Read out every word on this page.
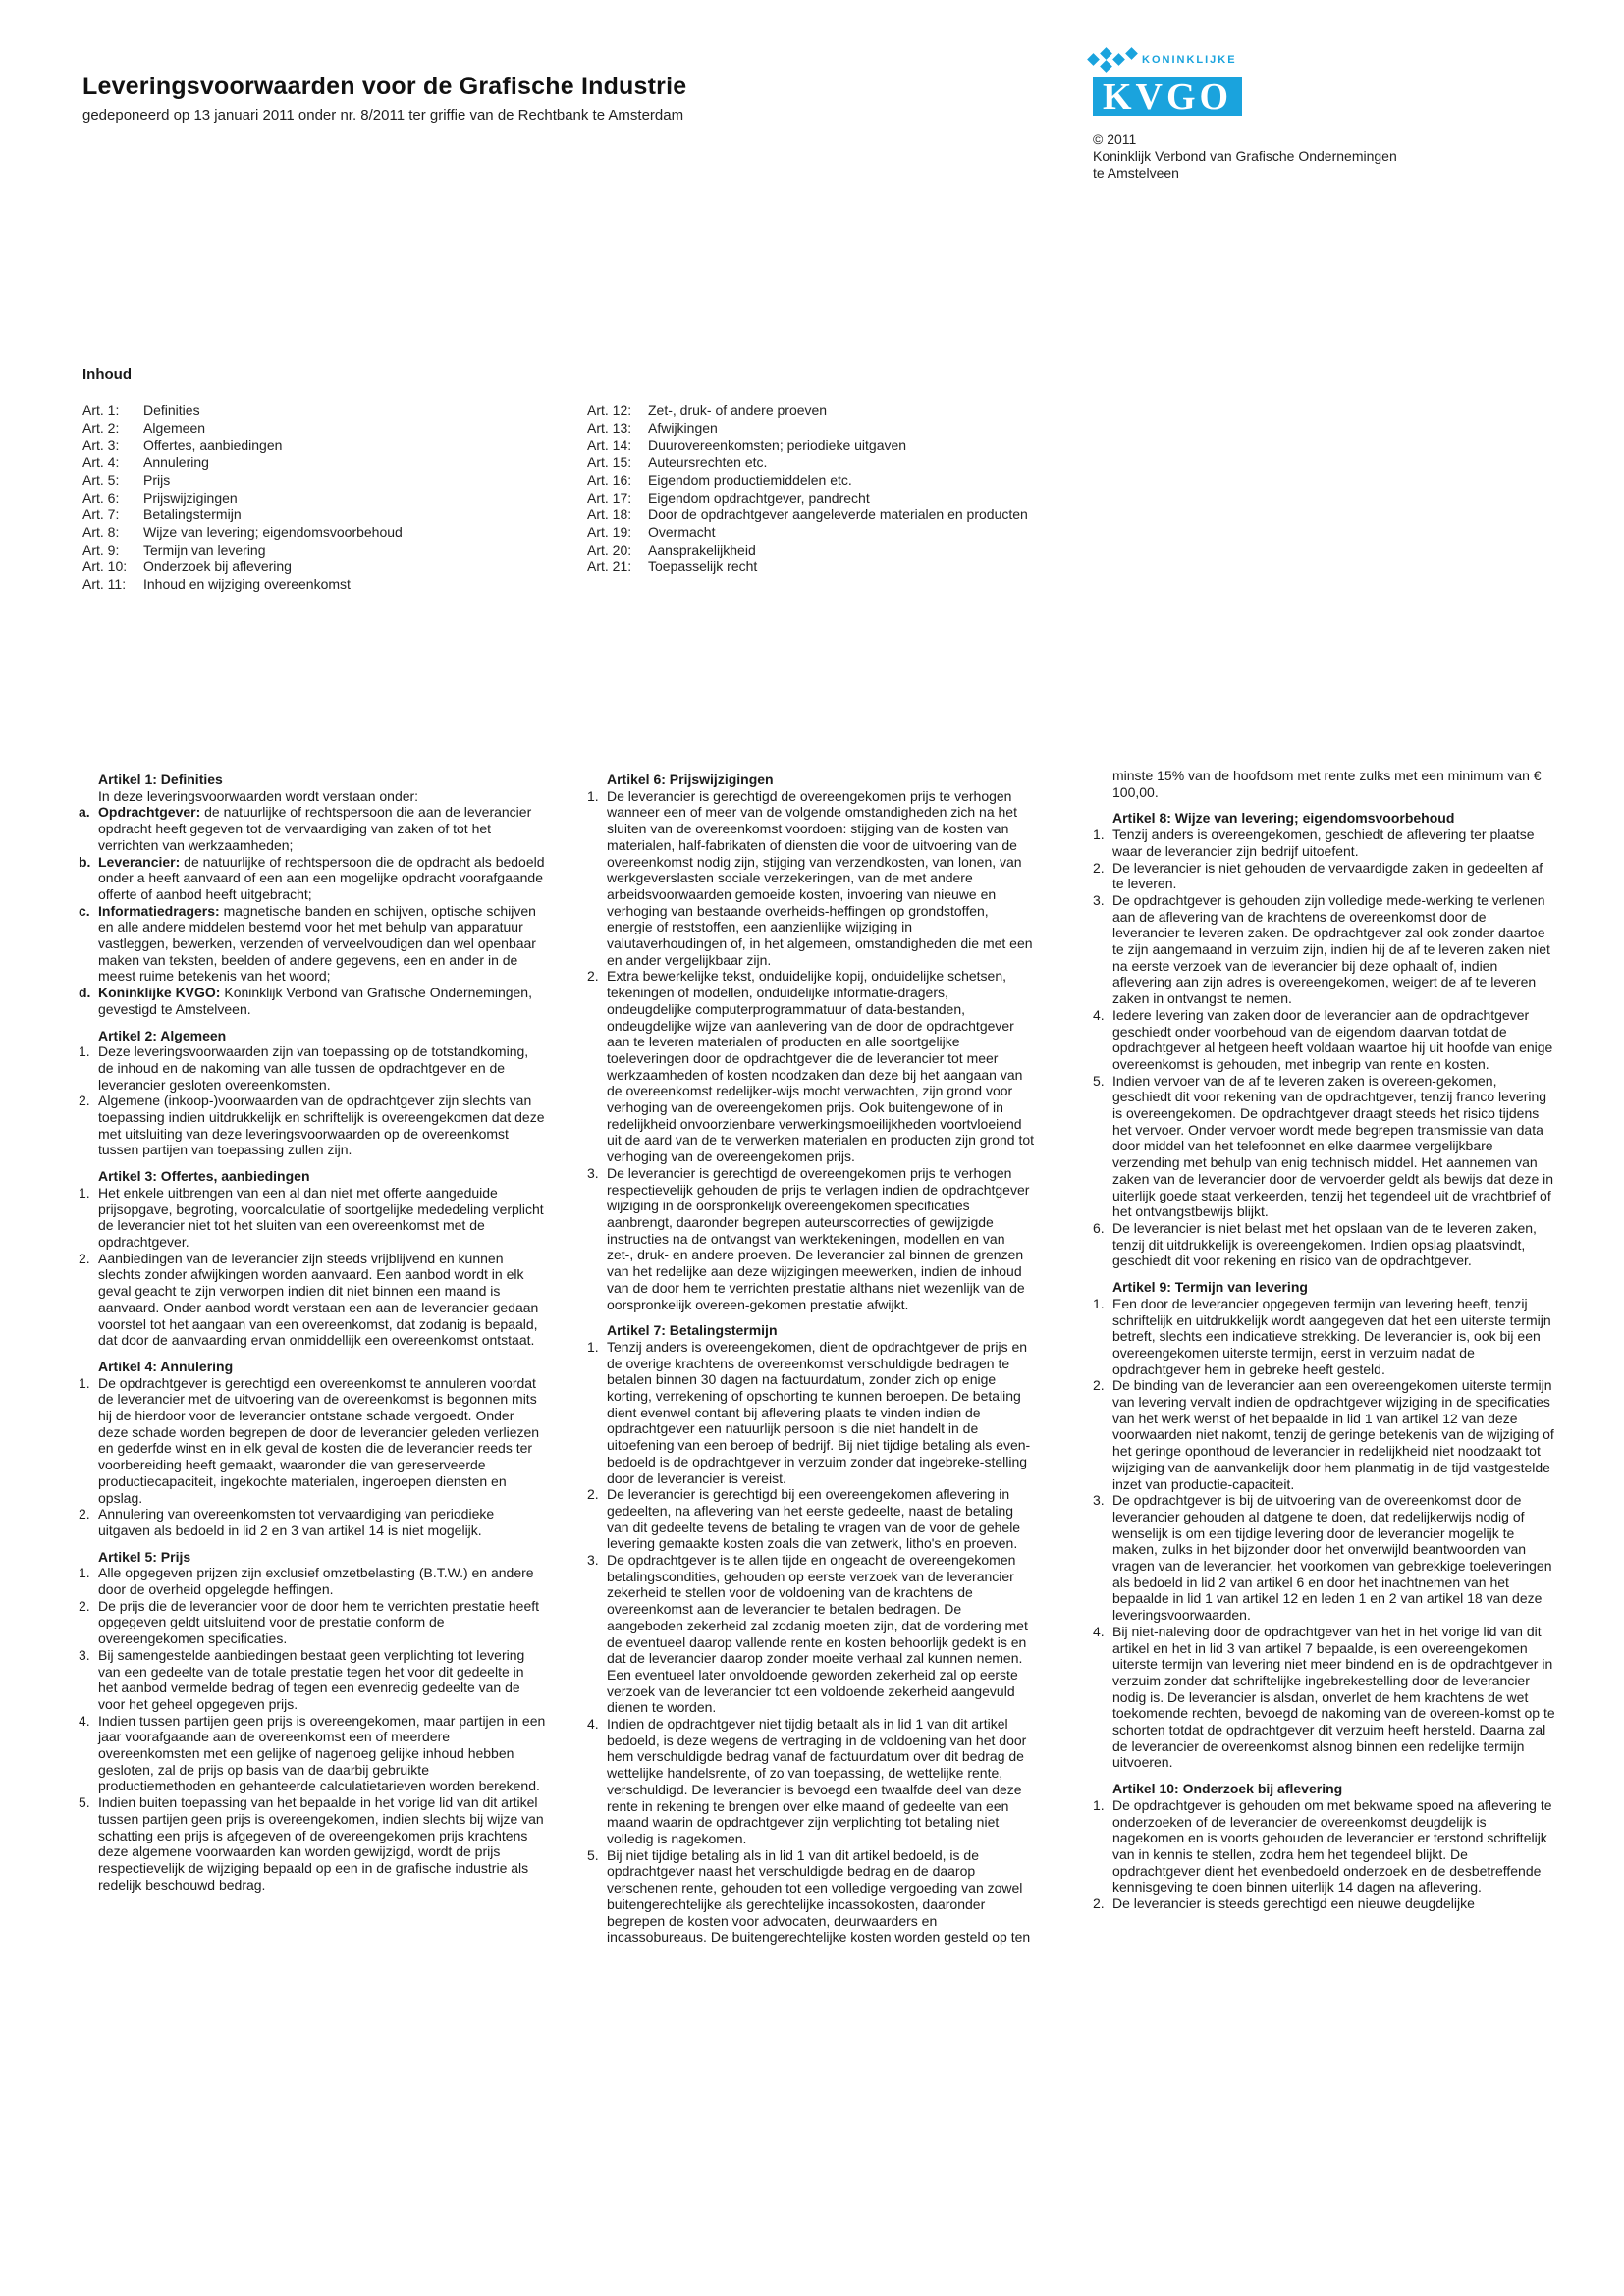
Leveringsvoorwaarden voor de Grafische Industrie
gedeponeerd op 13 januari 2011 onder nr. 8/2011 ter griffie van de Rechtbank te Amsterdam
KONINKLIJKE
KVGO
© 2011
Koninklijk Verbond van Grafische Ondernemingen
te Amstelveen
Inhoud
Art. 1: Definities
Art. 2: Algemeen
Art. 3: Offertes, aanbiedingen
Art. 4: Annulering
Art. 5: Prijs
Art. 6: Prijswijzigingen
Art. 7: Betalingstermijn
Art. 8: Wijze van levering; eigendomsvoorbehoud
Art. 9: Termijn van levering
Art. 10: Onderzoek bij aflevering
Art. 11: Inhoud en wijziging overeenkomst
Art. 12: Zet-, druk- of andere proeven
Art. 13: Afwijkingen
Art. 14: Duurovereenkomsten; periodieke uitgaven
Art. 15: Auteursrechten etc.
Art. 16: Eigendom productiemiddelen etc.
Art. 17: Eigendom opdrachtgever, pandrecht
Art. 18: Door de opdrachtgever aangeleverde materialen en producten
Art. 19: Overmacht
Art. 20: Aansprakelijkheid
Art. 21: Toepasselijk recht
Artikel 1: Definities
In deze leveringsvoorwaarden wordt verstaan onder:
a. Opdrachtgever: de natuurlijke of rechtspersoon die aan de leverancier opdracht heeft gegeven tot de vervaardiging van zaken of tot het verrichten van werkzaamheden;
b. Leverancier: de natuurlijke of rechtspersoon die de opdracht als bedoeld onder a heeft aanvaard of een aan een mogelijke opdracht voorafgaande offerte of aanbod heeft uitgebracht;
c. Informatiedragers: magnetische banden en schijven, optische schijven en alle andere middelen bestemd voor het met behulp van apparatuur vastleggen, bewerken, verzenden of verveelvoudigen dan wel openbaar maken van teksten, beelden of andere gegevens, een en ander in de meest ruime betekenis van het woord;
d. Koninklijke KVGO: Koninklijk Verbond van Grafische Ondernemingen, gevestigd te Amstelveen.
Artikel 2: Algemeen
1. Deze leveringsvoorwaarden zijn van toepassing op de totstandkoming, de inhoud en de nakoming van alle tussen de opdrachtgever en de leverancier gesloten overeenkomsten.
2. Algemene (inkoop-)voorwaarden van de opdrachtgever zijn slechts van toepassing indien uitdrukkelijk en schriftelijk is overeengekomen dat deze met uitsluiting van deze leveringsvoorwaarden op de overeenkomst tussen partijen van toepassing zullen zijn.
Artikel 3: Offertes, aanbiedingen
1. Het enkele uitbrengen van een al dan niet met offerte aangeduide prijsopgave, begroting, voorcalculatie of soortgelijke mededeling verplicht de leverancier niet tot het sluiten van een overeenkomst met de opdrachtgever.
2. Aanbiedingen van de leverancier zijn steeds vrijblijvend en kunnen slechts zonder afwijkingen worden aanvaard. Een aanbod wordt in elk geval geacht te zijn verworpen indien dit niet binnen een maand is aanvaard. Onder aanbod wordt verstaan een aan de leverancier gedaan voorstel tot het aangaan van een overeenkomst, dat zodanig is bepaald, dat door de aanvaarding ervan onmiddellijk een overeenkomst ontstaat.
Artikel 4: Annulering
1. De opdrachtgever is gerechtigd een overeenkomst te annuleren voordat de leverancier met de uitvoering van de overeenkomst is begonnen mits hij de hierdoor voor de leverancier ontstane schade vergoedt. Onder deze schade worden begrepen de door de leverancier geleden verliezen en gederfde winst en in elk geval de kosten die de leverancier reeds ter voorbereiding heeft gemaakt, waaronder die van gereserveerde productiecapaciteit, ingekochte materialen, ingeroepen diensten en opslag.
2. Annulering van overeenkomsten tot vervaardiging van periodieke uitgaven als bedoeld in lid 2 en 3 van artikel 14 is niet mogelijk.
Artikel 5: Prijs
1. Alle opgegeven prijzen zijn exclusief omzetbelasting (B.T.W.) en andere door de overheid opgelegde heffingen.
2. De prijs die de leverancier voor de door hem te verrichten prestatie heeft opgegeven geldt uitsluitend voor de prestatie conform de overeengekomen specificaties.
3. Bij samengestelde aanbiedingen bestaat geen verplichting tot levering van een gedeelte van de totale prestatie tegen het voor dit gedeelte in het aanbod vermelde bedrag of tegen een evenredig gedeelte van de voor het geheel opgegeven prijs.
4. Indien tussen partijen geen prijs is overeengekomen, maar partijen in een jaar voorafgaande aan de overeenkomst een of meerdere overeenkomsten met een gelijke of nagenoeg gelijke inhoud hebben gesloten, zal de prijs op basis van de daarbij gebruikte productiemethoden en gehanteerde calculatietarieven worden berekend.
5. Indien buiten toepassing van het bepaalde in het vorige lid van dit artikel tussen partijen geen prijs is overeengekomen, indien slechts bij wijze van schatting een prijs is afgegeven of de overeengekomen prijs krachtens deze algemene voorwaarden kan worden gewijzigd, wordt de prijs respectievelijk de wijziging bepaald op een in de grafische industrie als redelijk beschouwd bedrag.
Artikel 6: Prijswijzigingen
1. De leverancier is gerechtigd de overeengekomen prijs te verhogen wanneer een of meer van de volgende omstandigheden zich na het sluiten van de overeenkomst voordoen: stijging van de kosten van materialen, half-fabrikaten of diensten die voor de uitvoering van de overeenkomst nodig zijn, stijging van verzendkosten, van lonen, van werkgeverslasten sociale verzekeringen, van de met andere arbeidsvoorwaarden gemoeide kosten, invoering van nieuwe en verhoging van bestaande overheids-heffingen op grondstoffen, energie of reststoffen, een aanzienlijke wijziging in valutaverhoudingen of, in het algemeen, omstandigheden die met een en ander vergelijkbaar zijn.
2. Extra bewerkelijke tekst, onduidelijke kopij, onduidelijke schetsen, tekeningen of modellen, onduidelijke informatie-dragers, ondeugdelijke computerprogrammatuur of data-bestanden, ondeugdelijke wijze van aanlevering van de door de opdrachtgever aan te leveren materialen of producten en alle soortgelijke toeleveringen door de opdrachtgever die de leverancier tot meer werkzaamheden of kosten noodzaken dan deze bij het aangaan van de overeenkomst redelijker-wijs mocht verwachten, zijn grond voor verhoging van de overeengekomen prijs. Ook buitengewone of in redelijkheid onvoorzienbare verwerkingsmoeilijkheden voortvloeiend uit de aard van de te verwerken materialen en producten zijn grond tot verhoging van de overeengekomen prijs.
3. De leverancier is gerechtigd de overeengekomen prijs te verhogen respectievelijk gehouden de prijs te verlagen indien de opdrachtgever wijziging in de oorspronkelijk overeengekomen specificaties aanbrengt, daaronder begrepen auteurscorrecties of gewijzigde instructies na de ontvangst van werktekeningen, modellen en van zet-, druk- en andere proeven. De leverancier zal binnen de grenzen van het redelijke aan deze wijzigingen meewerken, indien de inhoud van de door hem te verrichten prestatie althans niet wezenlijk van de oorspronkelijk overeen-gekomen prestatie afwijkt.
Artikel 7: Betalingstermijn
1. Tenzij anders is overeengekomen, dient de opdrachtgever de prijs en de overige krachtens de overeenkomst verschuldigde bedragen te betalen binnen 30 dagen na factuurdatum, zonder zich op enige korting, verrekening of opschorting te kunnen beroepen. De betaling dient evenwel contant bij aflevering plaats te vinden indien de opdrachtgever een natuurlijk persoon is die niet handelt in de uitoefening van een beroep of bedrijf. Bij niet tijdige betaling als even-bedoeld is de opdrachtgever in verzuim zonder dat ingebreke-stelling door de leverancier is vereist.
2. De leverancier is gerechtigd bij een overeengekomen aflevering in gedeelten, na aflevering van het eerste gedeelte, naast de betaling van dit gedeelte tevens de betaling te vragen van de voor de gehele levering gemaakte kosten zoals die van zetwerk, litho's en proeven.
3. De opdrachtgever is te allen tijde en ongeacht de overeengekomen betalingscondities, gehouden op eerste verzoek van de leverancier zekerheid te stellen voor de voldoening van de krachtens de overeenkomst aan de leverancier te betalen bedragen. De aangeboden zekerheid zal zodanig moeten zijn, dat de vordering met de eventueel daarop vallende rente en kosten behoorlijk gedekt is en dat de leverancier daarop zonder moeite verhaal zal kunnen nemen. Een eventueel later onvoldoende geworden zekerheid zal op eerste verzoek van de leverancier tot een voldoende zekerheid aangevuld dienen te worden.
4. Indien de opdrachtgever niet tijdig betaalt als in lid 1 van dit artikel bedoeld, is deze wegens de vertraging in de voldoening van het door hem verschuldigde bedrag vanaf de factuurdatum over dit bedrag de wettelijke handelsrente, of zo van toepassing, de wettelijke rente, verschuldigd. De leverancier is bevoegd een twaalfde deel van deze rente in rekening te brengen over elke maand of gedeelte van een maand waarin de opdrachtgever zijn verplichting tot betaling niet volledig is nagekomen.
5. Bij niet tijdige betaling als in lid 1 van dit artikel bedoeld, is de opdrachtgever naast het verschuldigde bedrag en de daarop verschenen rente, gehouden tot een volledige vergoeding van zowel buitengerechtelijke als gerechtelijke incassokosten, daaronder begrepen de kosten voor advocaten, deurwaarders en incassobureaus. De buitengerechtelijke kosten worden gesteld op ten
minste 15% van de hoofdsom met rente zulks met een minimum van € 100,00.
Artikel 8: Wijze van levering; eigendomsvoorbehoud
1. Tenzij anders is overeengekomen, geschiedt de aflevering ter plaatse waar de leverancier zijn bedrijf uitoefent.
2. De leverancier is niet gehouden de vervaardigde zaken in gedeelten af te leveren.
3. De opdrachtgever is gehouden zijn volledige mede-werking te verlenen aan de aflevering van de krachtens de overeenkomst door de leverancier te leveren zaken. De opdrachtgever zal ook zonder daartoe te zijn aangemaand in verzuim zijn, indien hij de af te leveren zaken niet na eerste verzoek van de leverancier bij deze ophaalt of, indien aflevering aan zijn adres is overeengekomen, weigert de af te leveren zaken in ontvangst te nemen.
4. Iedere levering van zaken door de leverancier aan de opdrachtgever geschiedt onder voorbehoud van de eigendom daarvan totdat de opdrachtgever al hetgeen heeft voldaan waartoe hij uit hoofde van enige overeenkomst is gehouden, met inbegrip van rente en kosten.
5. Indien vervoer van de af te leveren zaken is overeen-gekomen, geschiedt dit voor rekening van de opdrachtgever, tenzij franco levering is overeengekomen. De opdrachtgever draagt steeds het risico tijdens het vervoer. Onder vervoer wordt mede begrepen transmissie van data door middel van het telefoonnet en elke daarmee vergelijkbare verzending met behulp van enig technisch middel. Het aannemen van zaken van de leverancier door de vervoerder geldt als bewijs dat deze in uiterlijk goede staat verkeerden, tenzij het tegendeel uit de vrachtbrief of het ontvangstbewijs blijkt.
6. De leverancier is niet belast met het opslaan van de te leveren zaken, tenzij dit uitdrukkelijk is overeengekomen. Indien opslag plaatsvindt, geschiedt dit voor rekening en risico van de opdrachtgever.
Artikel 9: Termijn van levering
1. Een door de leverancier opgegeven termijn van levering heeft, tenzij schriftelijk en uitdrukkelijk wordt aangegeven dat het een uiterste termijn betreft, slechts een indicatieve strekking. De leverancier is, ook bij een overeengekomen uiterste termijn, eerst in verzuim nadat de opdrachtgever hem in gebreke heeft gesteld.
2. De binding van de leverancier aan een overeengekomen uiterste termijn van levering vervalt indien de opdrachtgever wijziging in de specificaties van het werk wenst of het bepaalde in lid 1 van artikel 12 van deze voorwaarden niet nakomt, tenzij de geringe betekenis van de wijziging of het geringe oponthoud de leverancier in redelijkheid niet noodzaakt tot wijziging van de aanvankelijk door hem planmatig in de tijd vastgestelde inzet van productie-capaciteit.
3. De opdrachtgever is bij de uitvoering van de overeenkomst door de leverancier gehouden al datgene te doen, dat redelijkerwijs nodig of wenselijk is om een tijdige levering door de leverancier mogelijk te maken, zulks in het bijzonder door het onverwijld beantwoorden van vragen van de leverancier, het voorkomen van gebrekkige toeleveringen als bedoeld in lid 2 van artikel 6 en door het inachtnemen van het bepaalde in lid 1 van artikel 12 en leden 1 en 2 van artikel 18 van deze leveringsvoorwaarden.
4. Bij niet-naleving door de opdrachtgever van het in het vorige lid van dit artikel en het in lid 3 van artikel 7 bepaalde, is een overeengekomen uiterste termijn van levering niet meer bindend en is de opdrachtgever in verzuim zonder dat schriftelijke ingebrekestelling door de leverancier nodig is. De leverancier is alsdan, onverlet de hem krachtens de wet toekomende rechten, bevoegd de nakoming van de overeen-komst op te schorten totdat de opdrachtgever dit verzuim heeft hersteld. Daarna zal de leverancier de overeenkomst alsnog binnen een redelijke termijn uitvoeren.
Artikel 10: Onderzoek bij aflevering
1. De opdrachtgever is gehouden om met bekwame spoed na aflevering te onderzoeken of de leverancier de overeenkomst deugdelijk is nagekomen en is voorts gehouden de leverancier er terstond schriftelijk van in kennis te stellen, zodra hem het tegendeel blijkt. De opdrachtgever dient het evenbedoeld onderzoek en de desbetreffende kennisgeving te doen binnen uiterlijk 14 dagen na aflevering.
2. De leverancier is steeds gerechtigd een nieuwe deugdelijke
